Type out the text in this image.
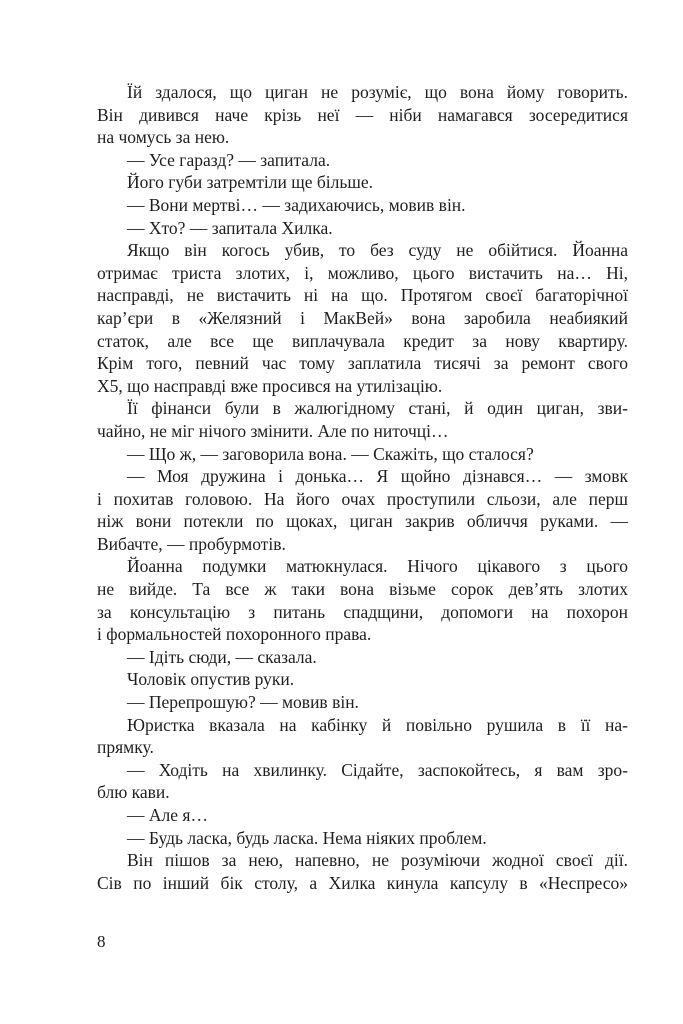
Їй здалося, що циган не розуміє, що вона йому говорить.
Він дивився наче крізь неї — ніби намагався зосередитися
на чомусь за нею.
— Усе гаразд? — запитала.
Його губи затремтіли ще більше.
— Вони мертві… — задихаючись, мовив він.
— Хто? — запитала Хилка.
Якщо він когось убив, то без суду не обійтися. Йоанна
отримає триста злотих, і, можливо, цього вистачить на… Ні,
насправді, не вистачить ні на що. Протягом своєї багаторічної
кар’єри в «Желязний і МакВей» вона заробила неабиякий
статок, але все ще виплачувала кредит за нову квартиру.
Крім того, певний час тому заплатила тисячі за ремонт свого
Х5, що насправді вже просився на утилізацію.
Її фінанси були в жалюгідному стані, й один циган, зви-
чайно, не міг нічого змінити. Але по ниточці…
— Що ж, — заговорила вона. — Скажіть, що сталося?
— Моя дружина і донька… Я щойно дізнався… — змовк
і похитав головою. На його очах проступили сльози, але перш
ніж вони потекли по щоках, циган закрив обличчя руками. —
Вибачте, — пробурмотів.
Йоанна подумки матюкнулася. Нічого цікавого з цього
не вийде. Та все ж таки вона візьме сорок дев’ять злотих
за консультацію з питань спадщини, допомоги на похорон
і формальностей похоронного права.
— Ідіть сюди, — сказала.
Чоловік опустив руки.
— Перепрошую? — мовив він.
Юристка вказала на кабінку й повільно рушила в її на-
прямку.
— Ходіть на хвилинку. Сідайте, заспокойтесь, я вам зро-
блю кави.
— Але я…
— Будь ласка, будь ласка. Нема ніяких проблем.
Він пішов за нею, напевно, не розуміючи жодної своєї дії.
Сів по інший бік столу, а Хилка кинула капсулу в «Неспресо»
8
